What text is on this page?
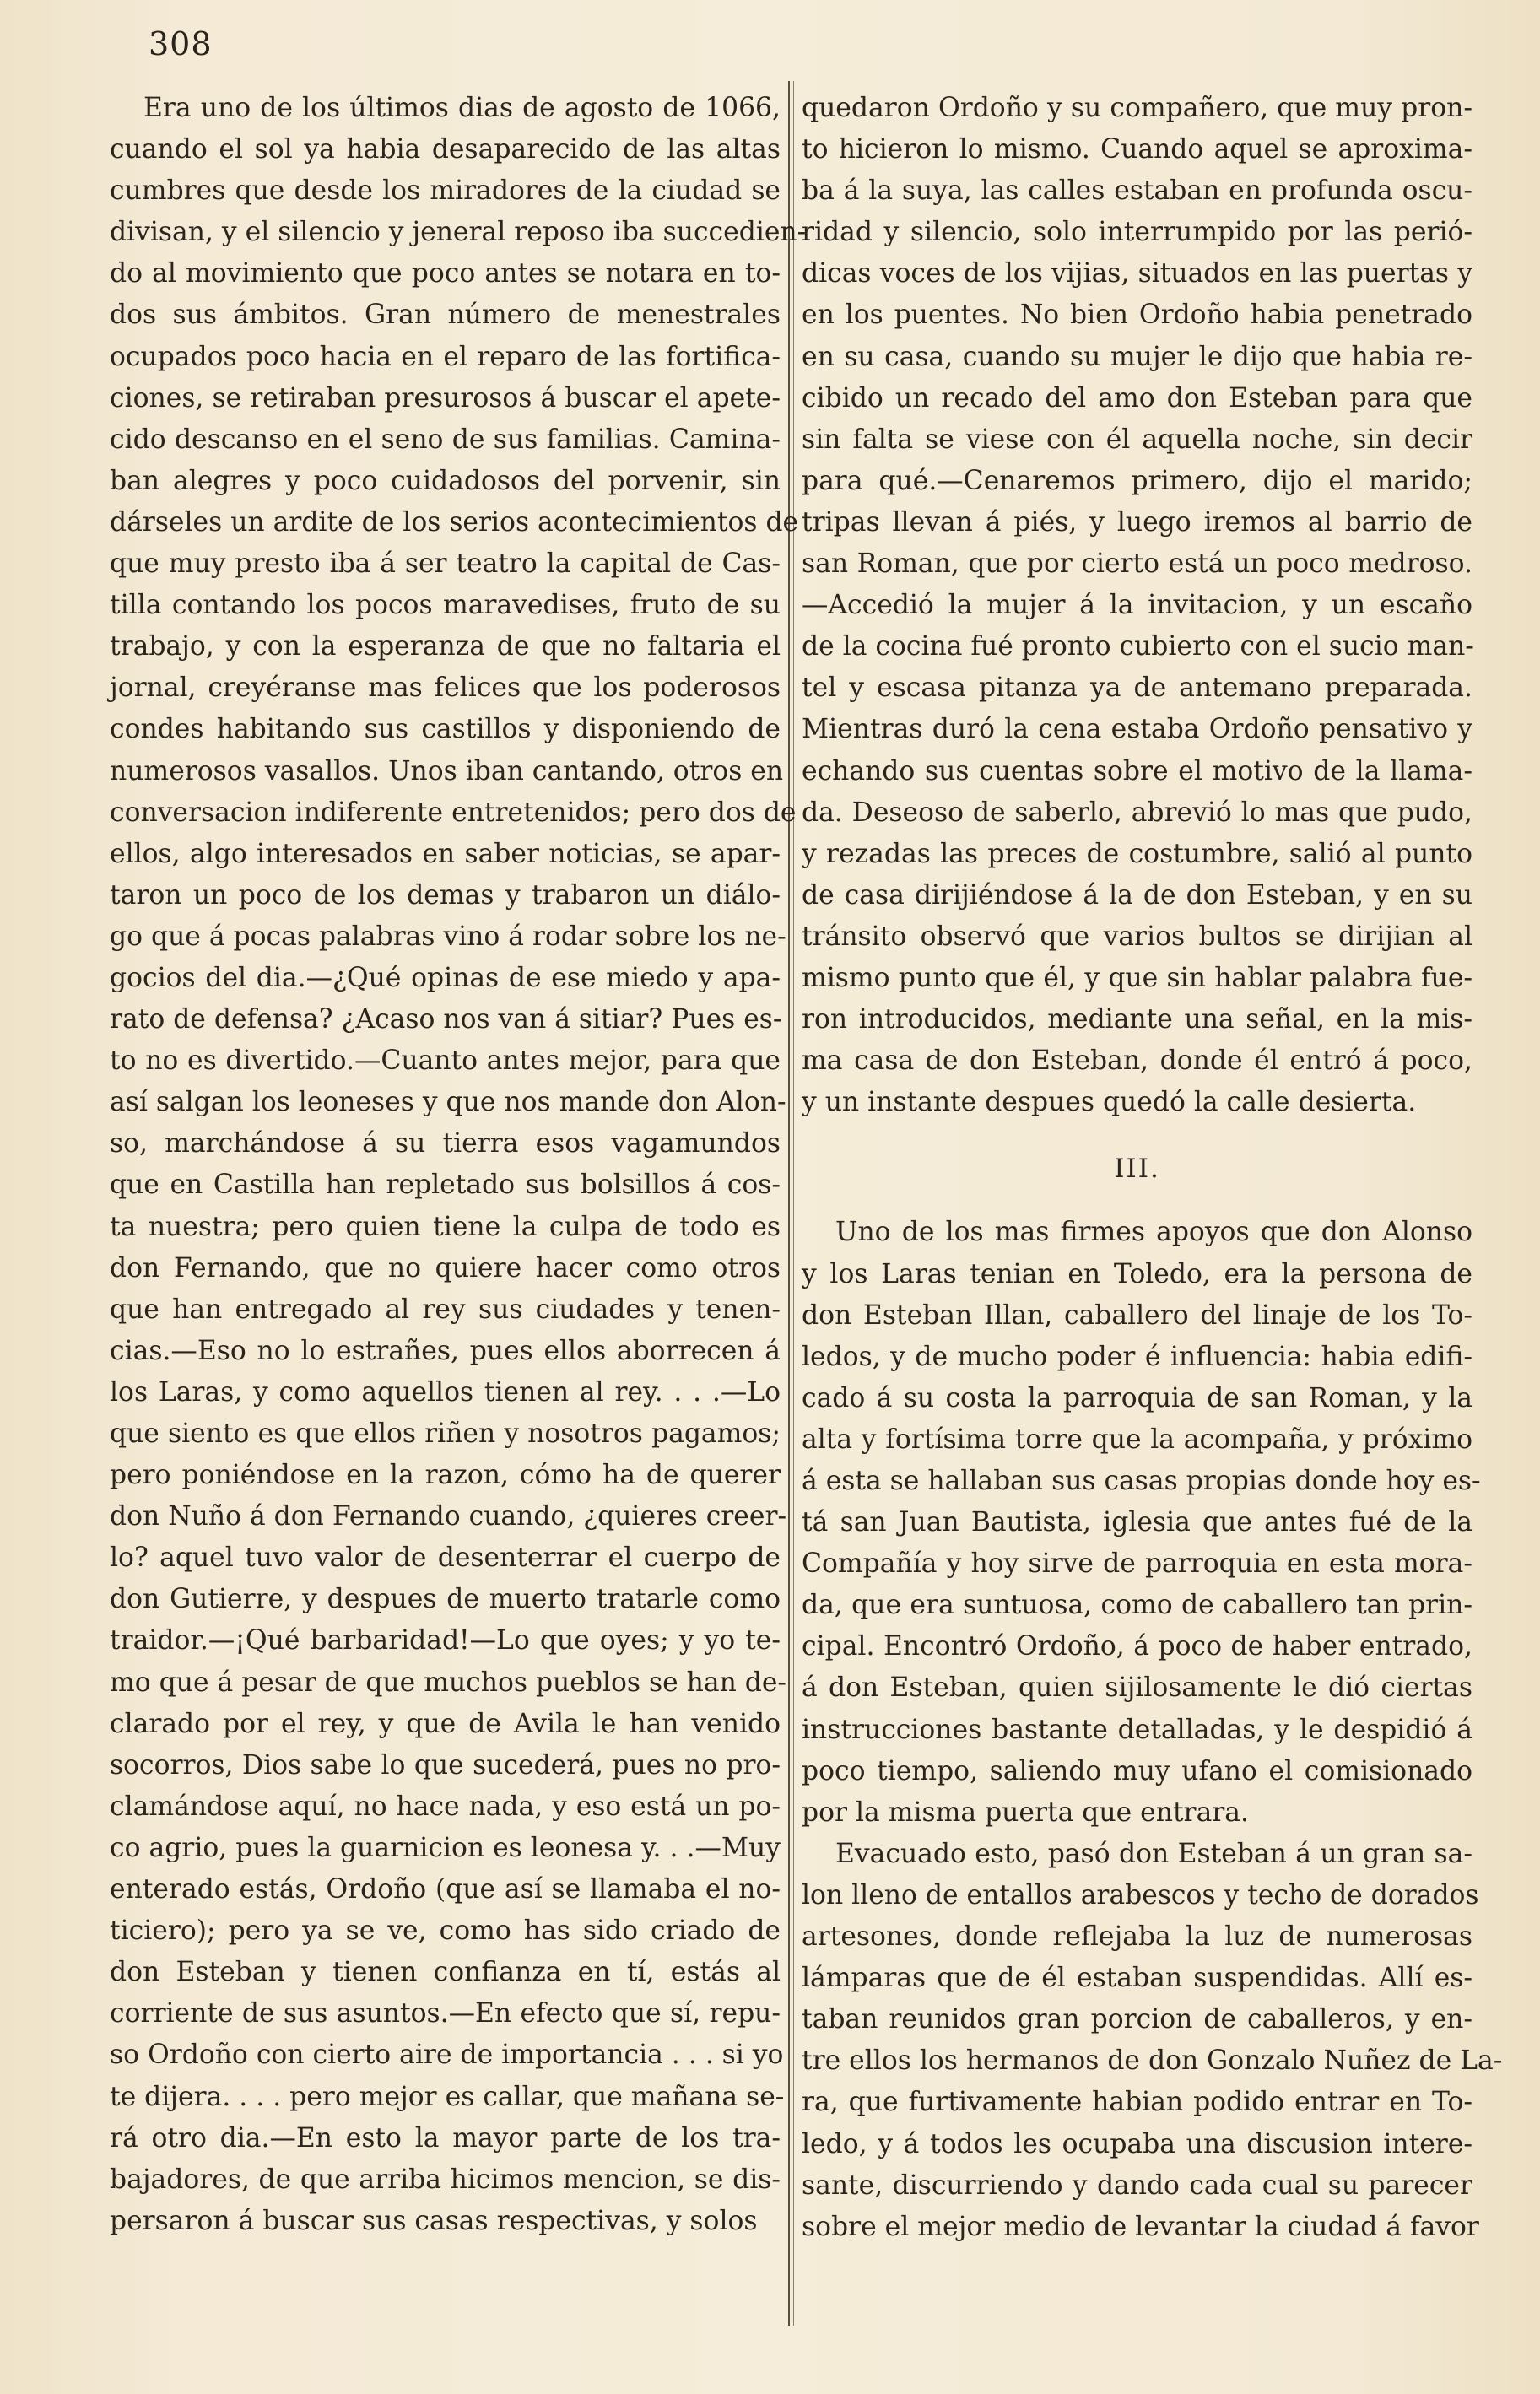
308
Era uno de los últimos dias de agosto de 1066,
cuando el sol ya habia desaparecido de las altas
cumbres que desde los miradores de la ciudad se
divisan, y el silencio y jeneral reposo iba succedien-
do al movimiento que poco antes se notara en to-
dos sus ámbitos. Gran número de menestrales
ocupados poco hacia en el reparo de las fortifica-
ciones, se retiraban presurosos á buscar el apete-
cido descanso en el seno de sus familias. Camina-
ban alegres y poco cuidadosos del porvenir, sin
dárseles un ardite de los serios acontecimientos de
que muy presto iba á ser teatro la capital de Cas-
tilla contando los pocos maravedises, fruto de su
trabajo, y con la esperanza de que no faltaria el
jornal, creyéranse mas felices que los poderosos
condes habitando sus castillos y disponiendo de
numerosos vasallos. Unos iban cantando, otros en
conversacion indiferente entretenidos; pero dos de
ellos, algo interesados en saber noticias, se apar-
taron un poco de los demas y trabaron un diálo-
go que á pocas palabras vino á rodar sobre los ne-
gocios del dia.—¿Qué opinas de ese miedo y apa-
rato de defensa? ¿Acaso nos van á sitiar? Pues es-
to no es divertido.—Cuanto antes mejor, para que
así salgan los leoneses y que nos mande don Alon-
so, marchándose á su tierra esos vagamundos
que en Castilla han repletado sus bolsillos á cos-
ta nuestra; pero quien tiene la culpa de todo es
don Fernando, que no quiere hacer como otros
que han entregado al rey sus ciudades y tenen-
cias.—Eso no lo estrañes, pues ellos aborrecen á
los Laras, y como aquellos tienen al rey. . . .—Lo
que siento es que ellos riñen y nosotros pagamos;
pero poniéndose en la razon, cómo ha de querer
don Nuño á don Fernando cuando, ¿quieres creer-
lo? aquel tuvo valor de desenterrar el cuerpo de
don Gutierre, y despues de muerto tratarle como
traidor.—¡Qué barbaridad!—Lo que oyes; y yo te-
mo que á pesar de que muchos pueblos se han de-
clarado por el rey, y que de Avila le han venido
socorros, Dios sabe lo que sucederá, pues no pro-
clamándose aquí, no hace nada, y eso está un po-
co agrio, pues la guarnicion es leonesa y. . .—Muy
enterado estás, Ordoño (que así se llamaba el no-
ticiero); pero ya se ve, como has sido criado de
don Esteban y tienen confianza en tí, estás al
corriente de sus asuntos.—En efecto que sí, repu-
so Ordoño con cierto aire de importancia . . . si yo
te dijera. . . . pero mejor es callar, que mañana se-
rá otro dia.—En esto la mayor parte de los tra-
bajadores, de que arriba hicimos mencion, se dis-
persaron á buscar sus casas respectivas, y solos
quedaron Ordoño y su compañero, que muy pron-
to hicieron lo mismo. Cuando aquel se aproxima-
ba á la suya, las calles estaban en profunda oscu-
ridad y silencio, solo interrumpido por las perió-
dicas voces de los vijias, situados en las puertas y
en los puentes. No bien Ordoño habia penetrado
en su casa, cuando su mujer le dijo que habia re-
cibido un recado del amo don Esteban para que
sin falta se viese con él aquella noche, sin decir
para qué.—Cenaremos primero, dijo el marido;
tripas llevan á piés, y luego iremos al barrio de
san Roman, que por cierto está un poco medroso.
—Accedió la mujer á la invitacion, y un escaño
de la cocina fué pronto cubierto con el sucio man-
tel y escasa pitanza ya de antemano preparada.
Mientras duró la cena estaba Ordoño pensativo y
echando sus cuentas sobre el motivo de la llama-
da. Deseoso de saberlo, abrevió lo mas que pudo,
y rezadas las preces de costumbre, salió al punto
de casa dirijiéndose á la de don Esteban, y en su
tránsito observó que varios bultos se dirijian al
mismo punto que él, y que sin hablar palabra fue-
ron introducidos, mediante una señal, en la mis-
ma casa de don Esteban, donde él entró á poco,
y un instante despues quedó la calle desierta.
III.
Uno de los mas firmes apoyos que don Alonso
y los Laras tenian en Toledo, era la persona de
don Esteban Illan, caballero del linaje de los To-
ledos, y de mucho poder é influencia: habia edifi-
cado á su costa la parroquia de san Roman, y la
alta y fortísima torre que la acompaña, y próximo
á esta se hallaban sus casas propias donde hoy es-
tá san Juan Bautista, iglesia que antes fué de la
Compañía y hoy sirve de parroquia en esta mora-
da, que era suntuosa, como de caballero tan prin-
cipal. Encontró Ordoño, á poco de haber entrado,
á don Esteban, quien sijilosamente le dió ciertas
instrucciones bastante detalladas, y le despidió á
poco tiempo, saliendo muy ufano el comisionado
por la misma puerta que entrara.
Evacuado esto, pasó don Esteban á un gran sa-
lon lleno de entallos arabescos y techo de dorados
artesones, donde reflejaba la luz de numerosas
lámparas que de él estaban suspendidas. Allí es-
taban reunidos gran porcion de caballeros, y en-
tre ellos los hermanos de don Gonzalo Nuñez de La-
ra, que furtivamente habian podido entrar en To-
ledo, y á todos les ocupaba una discusion intere-
sante, discurriendo y dando cada cual su parecer
sobre el mejor medio de levantar la ciudad á favor
